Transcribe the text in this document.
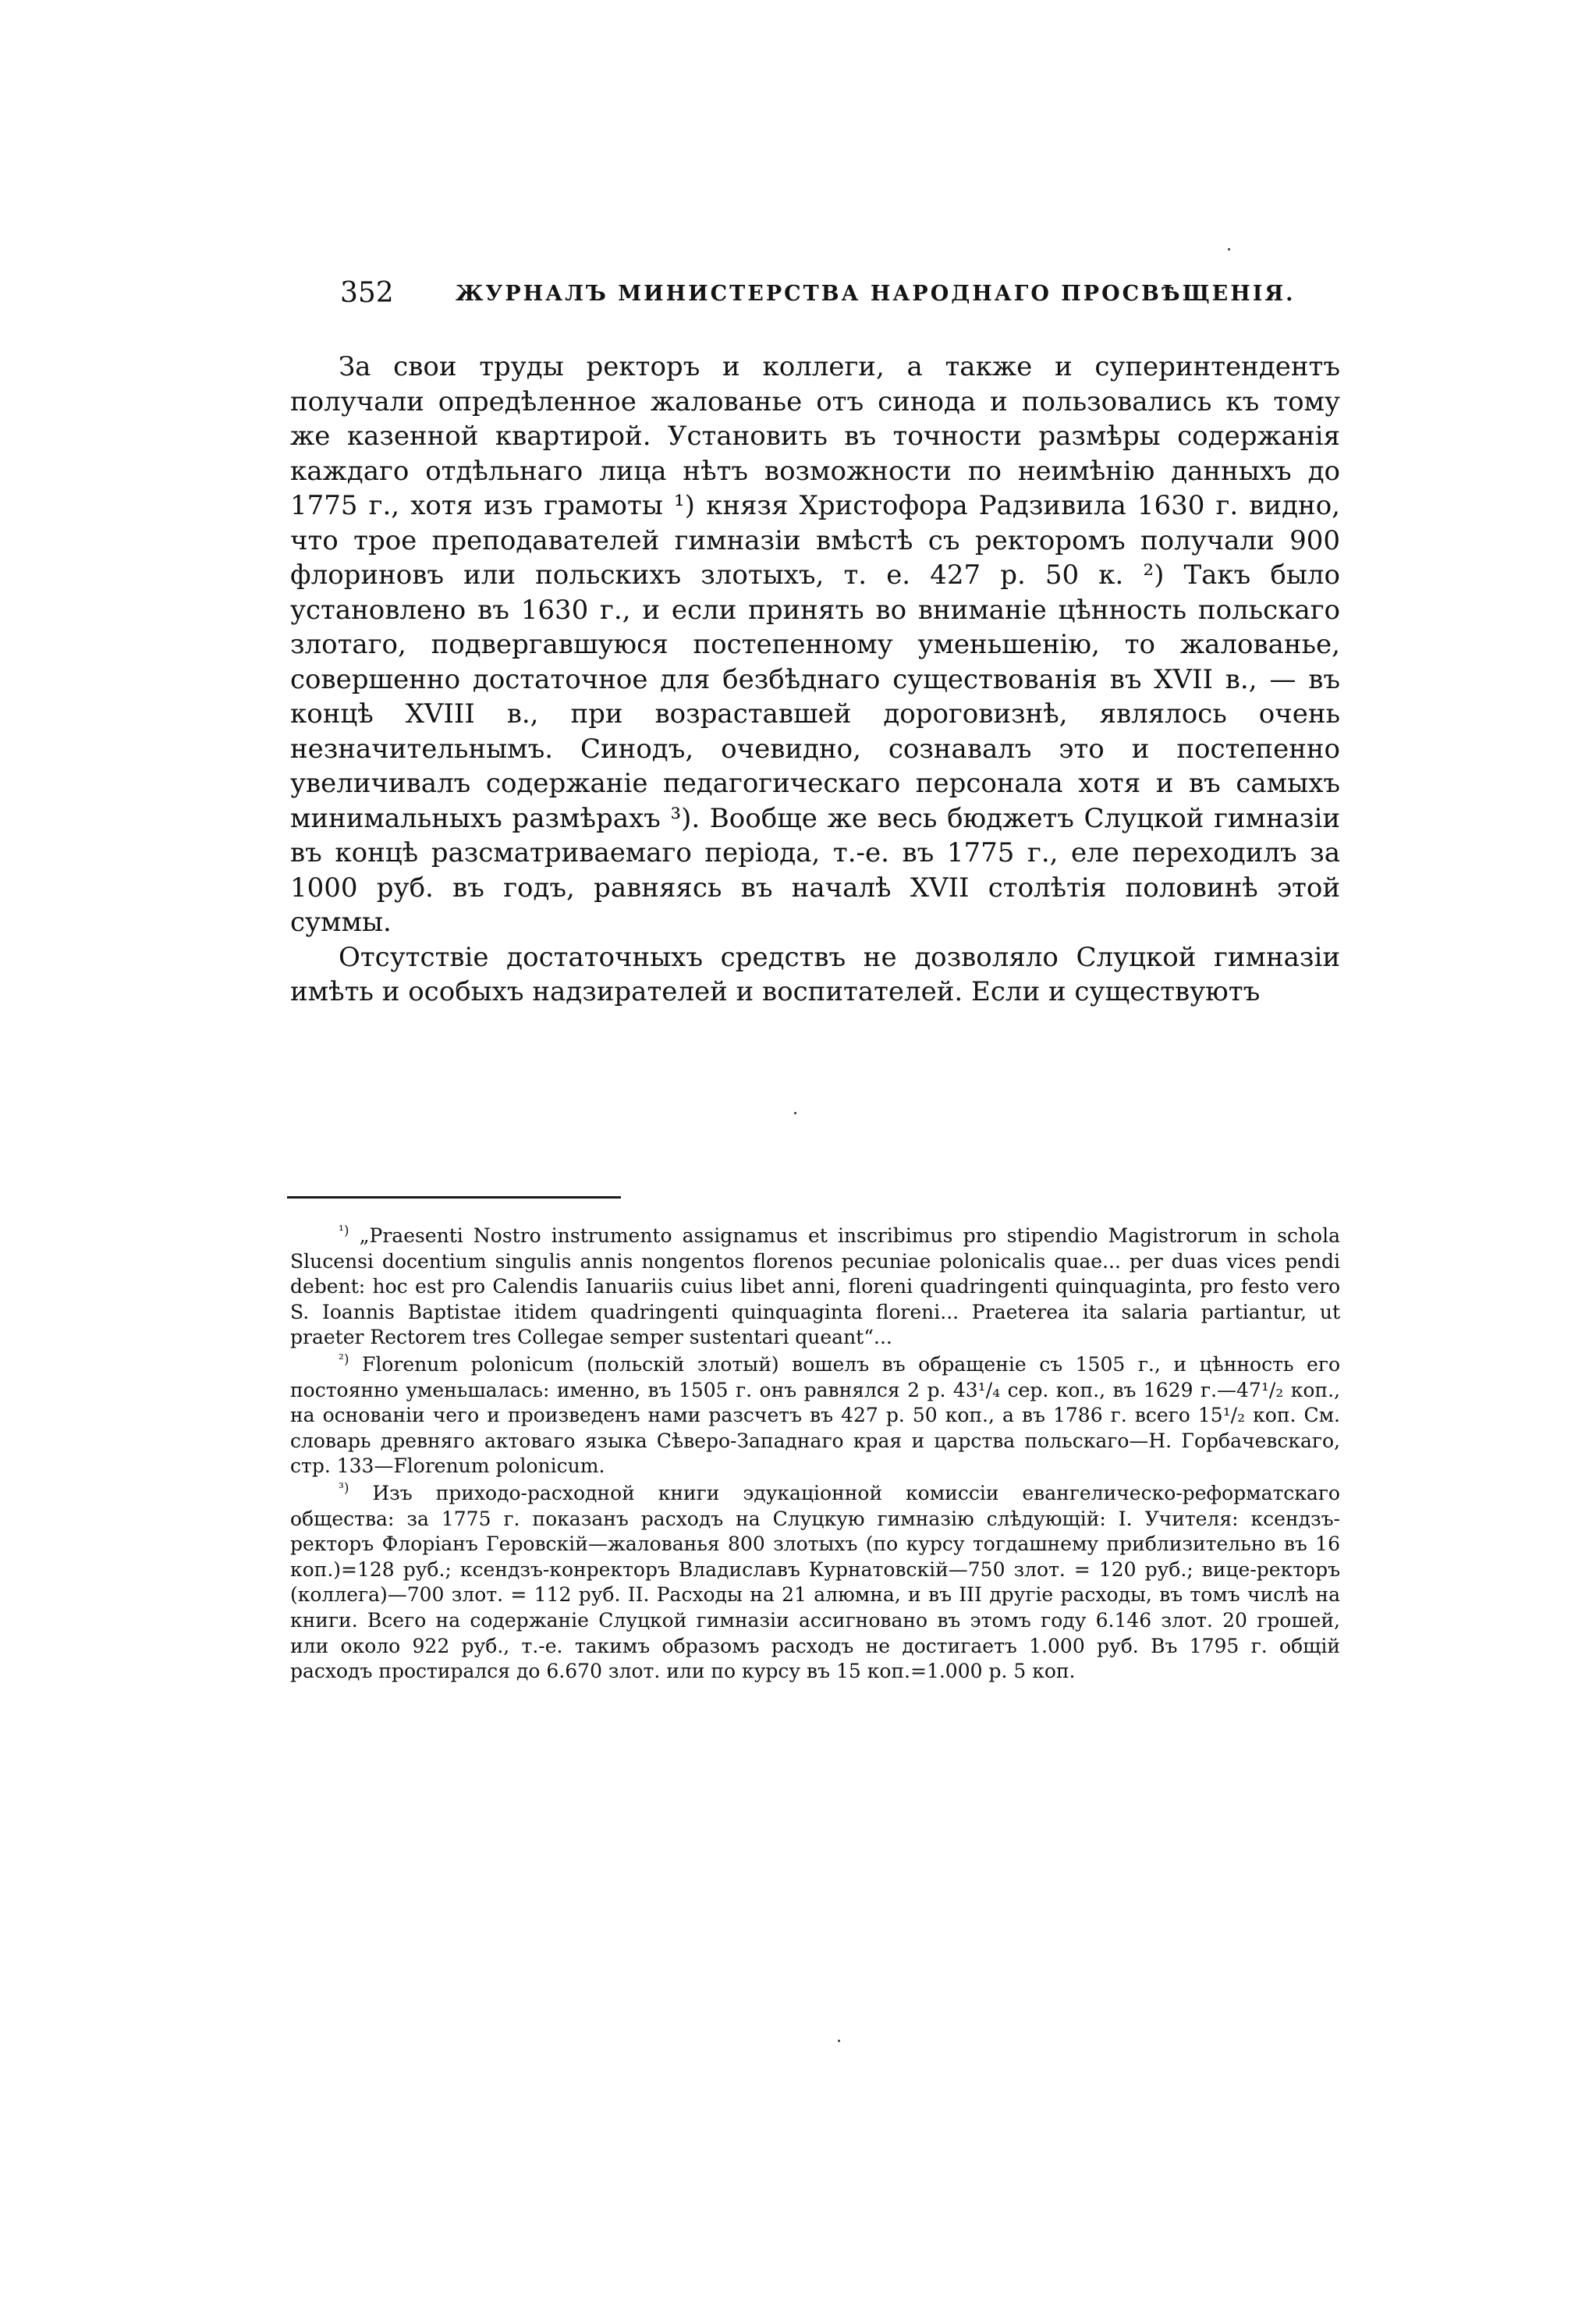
352	ЖУРНАЛЪ МИНИСТЕРСТВА НАРОДНАГО ПРОСВѢЩЕНІЯ.

За свои труды ректоръ и коллеги, а также и суперинтендентъ получали опредѣленное жалованье отъ синода и пользовались къ тому же казенной квартирой. Установить въ точности размѣры содержанія каждаго отдѣльнаго лица нѣтъ возможности по неимѣнію данныхъ до 1775 г., хотя изъ грамоты ¹) князя Христофора Радзивила 1630 г. видно, что трое преподавателей гимназіи вмѣстѣ съ ректоромъ получали 900 флориновъ или польскихъ злотыхъ, т. е. 427 р. 50 к. ²) Такъ было установлено въ 1630 г., и если принять во вниманіе цѣнность польскаго злотаго, подвергавшуюся постепенному уменьшенію, то жалованье, совершенно достаточное для безбѣднаго существованія въ XVII в., — въ концѣ XVIII в., при возраставшей дороговизнѣ, являлось очень незначительнымъ. Синодъ, очевидно, сознавалъ это и постепенно увеличивалъ содержаніе педагогическаго персонала хотя и въ самыхъ минимальныхъ размѣрахъ ³). Вообще же весь бюджетъ Слуцкой гимназіи въ концѣ разсматриваемаго періода, т.-е. въ 1775 г., еле переходилъ за 1000 руб. въ годъ, равняясь въ началѣ XVII столѣтія половинѣ этой суммы.

Отсутствіе достаточныхъ средствъ не дозволяло Слуцкой гимназіи имѣть и особыхъ надзирателей и воспитателей. Если и существуютъ

$^{^1)}$ „Praesenti Nostro instrumento assignamus et inscribimus pro stipendio Magistrorum in schola Slucensi docentium singulis annis nongentos florenos pecuniae polonicalis quae... per duas vices pendi debent: hoc est pro Calendis Ianuariis cuius libet anni, floreni quadringenti quinquaginta, pro festo vero S. Ioannis Baptistae itidem quadringenti quinquaginta floreni... Praeterea ita salaria partiantur, ut praeter Rectorem tres Collegae semper sustentari queant“...

$^{^2)}$ Florenum polonicum (польскій злотый) вошелъ въ обращеніе съ 1505 г., и цѣнность его постоянно уменьшалась: именно, въ 1505 г. онъ равнялся 2 р. 43¹/₄ сер. коп., въ 1629 г.—47¹/₂ коп., на основаніи чего и произведенъ нами разсчетъ въ 427 р. 50 коп., а въ 1786 г. всего 15¹/₂ коп. См. словарь древняго актоваго языка Сѣверо-Западнаго края и царства польскаго—Н. Горбачевскаго, стр. 133—Florenum polonicum.

$^{^3)}$ Изъ приходо-расходной книги эдукаціонной комиссіи евангелическо-реформатскаго общества: за 1775 г. показанъ расходъ на Слуцкую гимназію слѣдующій: I. Учителя: ксендзъ-ректоръ Флоріанъ Геровскій—жалованья 800 злотыхъ (по курсу тогдашнему приблизительно въ 16 коп.)=128 руб.; ксендзъ-конректоръ Владиславъ Курнатовскій—750 злот. = 120 руб.; вице-ректоръ (коллега)—700 злот. = 112 руб. II. Расходы на 21 алюмна, и въ III другіе расходы, въ томъ числѣ на книги. Всего на содержаніе Слуцкой гимназіи ассигновано въ этомъ году 6.146 злот. 20 грошей, или около 922 руб., т.-е. такимъ образомъ расходъ не достигаетъ 1.000 руб. Въ 1795 г. общій расходъ простирался до 6.670 злот. или по курсу въ 15 коп.=1.000 р. 5 коп.
